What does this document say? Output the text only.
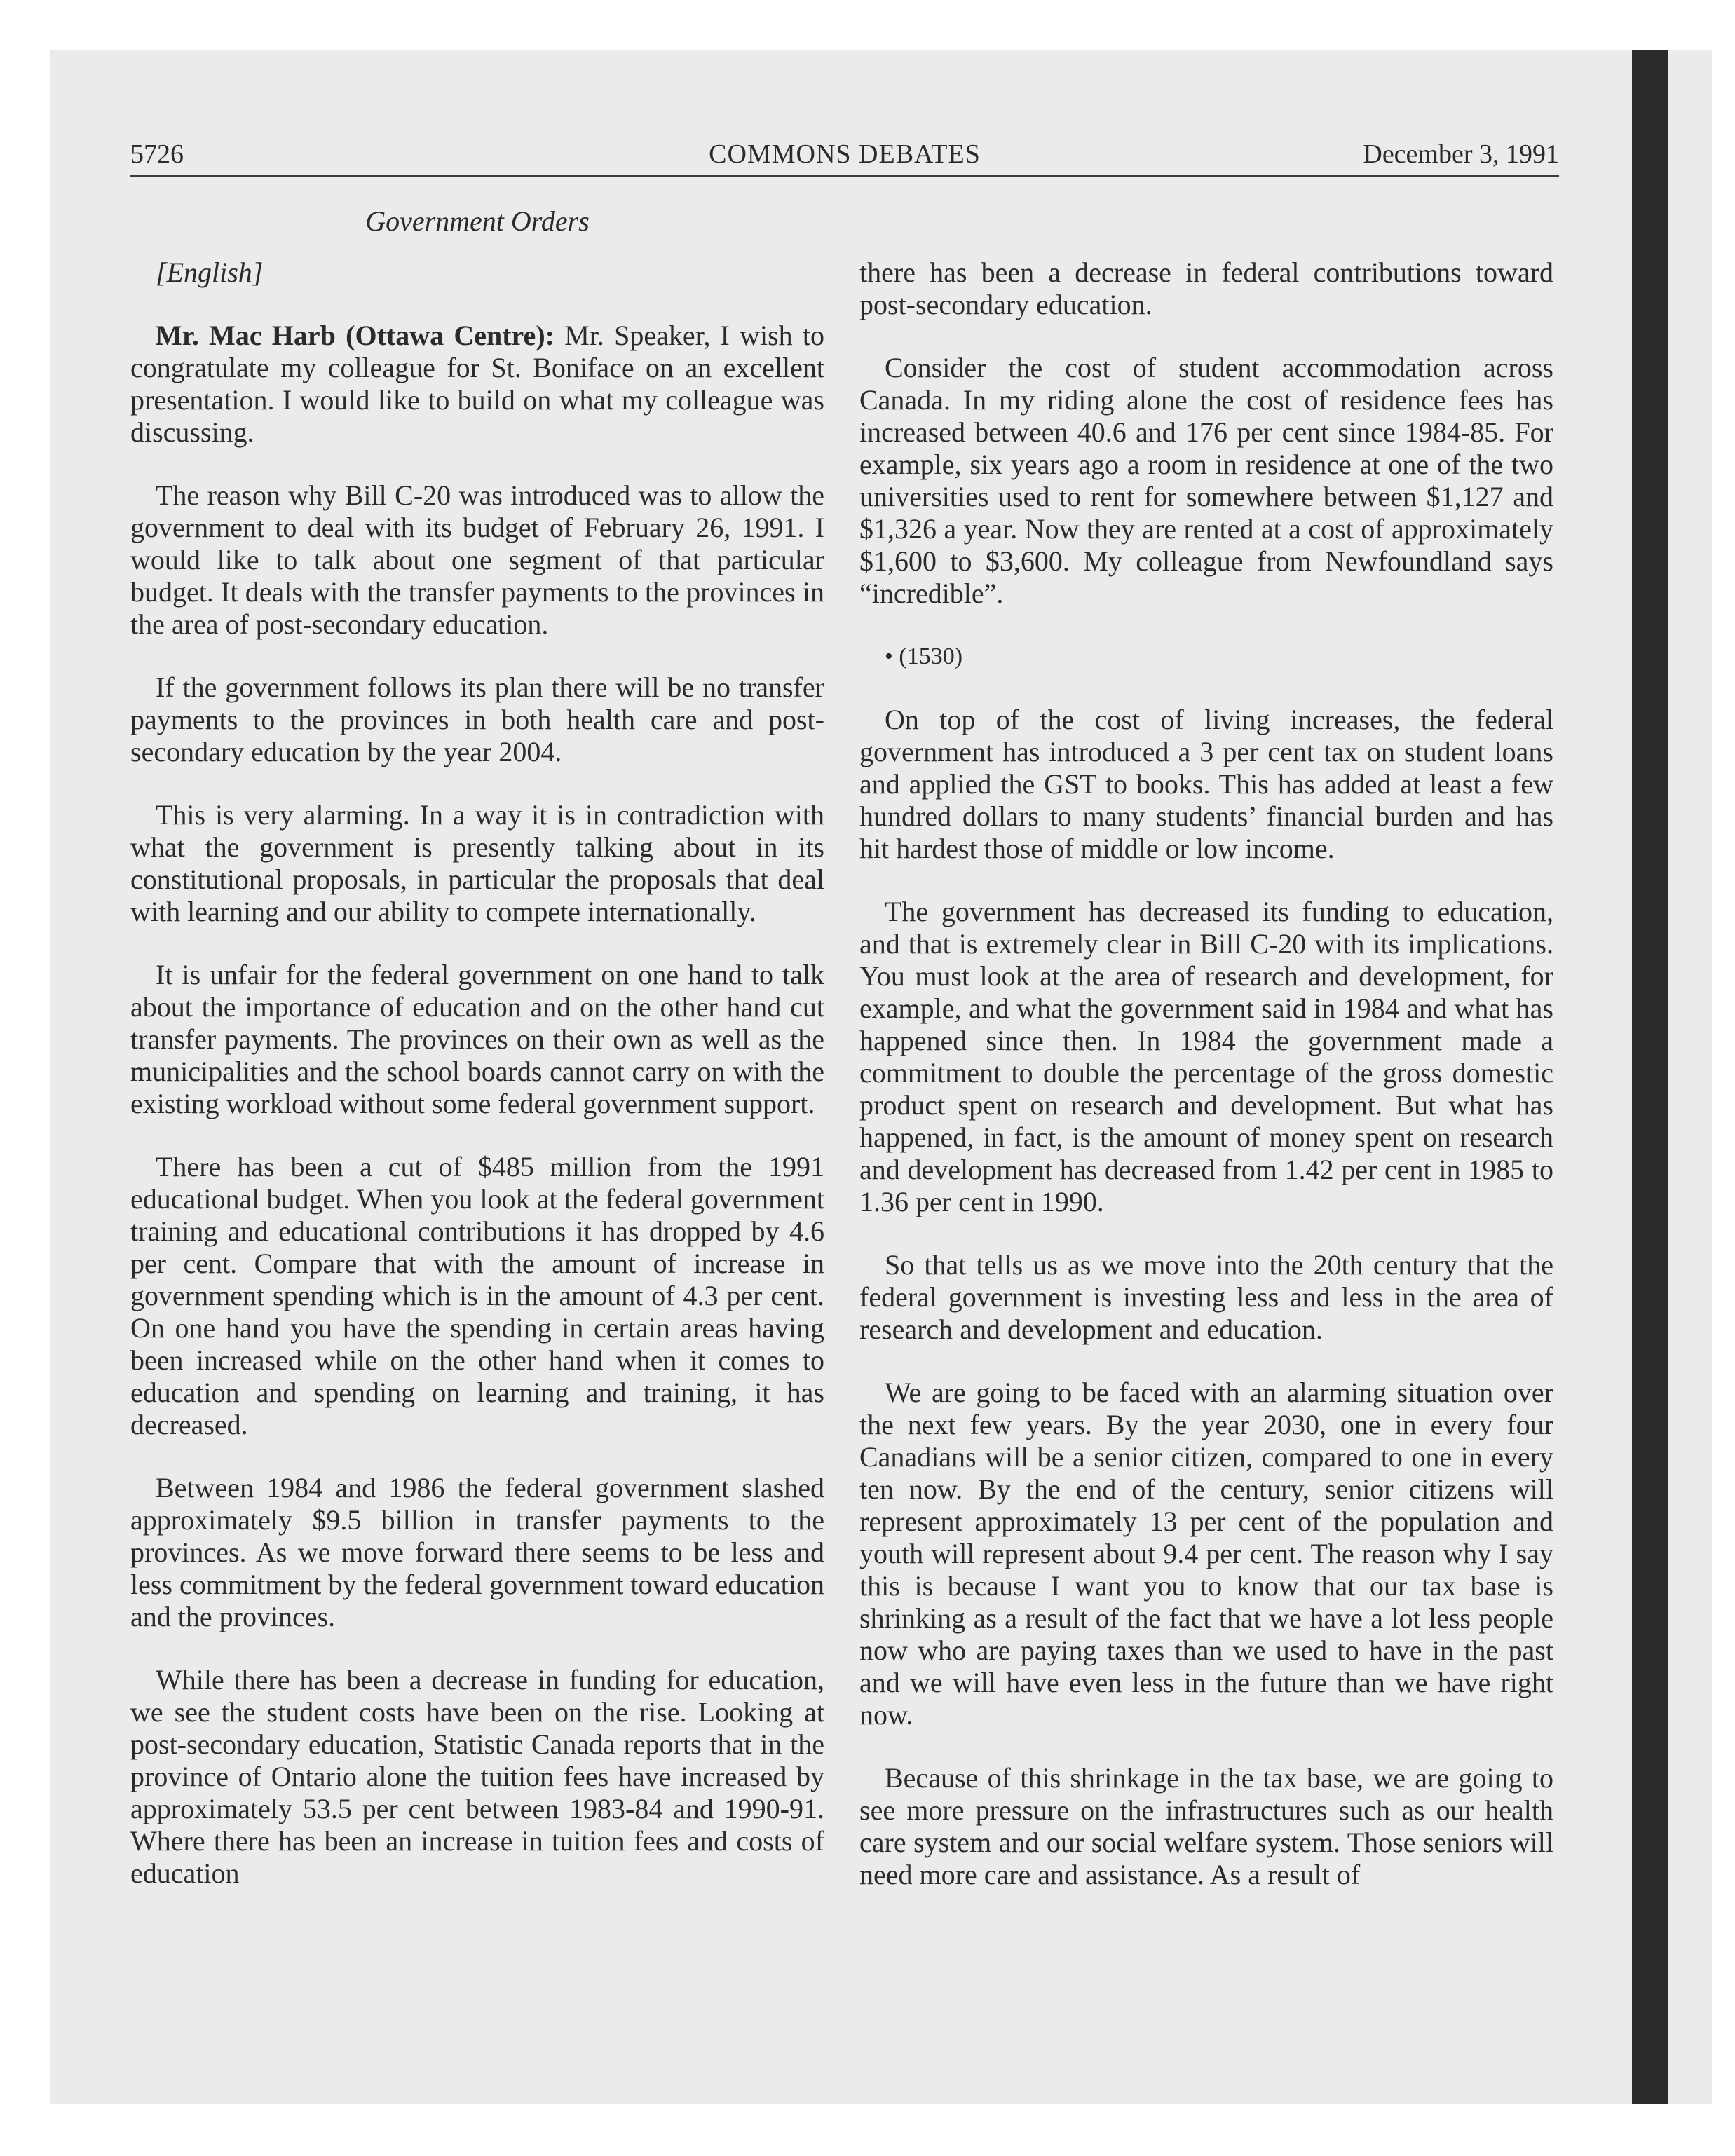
5726	COMMONS DEBATES	December 3, 1991
Government Orders

[English]

Mr. Mac Harb (Ottawa Centre): Mr. Speaker, I wish to congratulate my colleague for St. Boniface on an excellent presentation. I would like to build on what my colleague was discussing.

The reason why Bill C-20 was introduced was to allow the government to deal with its budget of February 26, 1991. I would like to talk about one segment of that particular budget. It deals with the transfer payments to the provinces in the area of post-secondary education.

If the government follows its plan there will be no transfer payments to the provinces in both health care and post-secondary education by the year 2004.

This is very alarming. In a way it is in contradiction with what the government is presently talking about in its constitutional proposals, in particular the proposals that deal with learning and our ability to compete internationally.

It is unfair for the federal government on one hand to talk about the importance of education and on the other hand cut transfer payments. The provinces on their own as well as the municipalities and the school boards cannot carry on with the existing workload without some federal government support.

There has been a cut of $485 million from the 1991 educational budget. When you look at the federal government training and educational contributions it has dropped by 4.6 per cent. Compare that with the amount of increase in government spending which is in the amount of 4.3 per cent. On one hand you have the spending in certain areas having been increased while on the other hand when it comes to education and spending on learning and training, it has decreased.

Between 1984 and 1986 the federal government slashed approximately $9.5 billion in transfer payments to the provinces. As we move forward there seems to be less and less commitment by the federal government toward education and the provinces.

While there has been a decrease in funding for education, we see the student costs have been on the rise. Looking at post-secondary education, Statistic Canada reports that in the province of Ontario alone the tuition fees have increased by approximately 53.5 per cent between 1983-84 and 1990-91. Where there has been an increase in tuition fees and costs of education

there has been a decrease in federal contributions toward post-secondary education.

Consider the cost of student accommodation across Canada. In my riding alone the cost of residence fees has increased between 40.6 and 176 per cent since 1984-85. For example, six years ago a room in residence at one of the two universities used to rent for somewhere between $1,127 and $1,326 a year. Now they are rented at a cost of approximately $1,600 to $3,600. My colleague from Newfoundland says “incredible”.

• (1530)

On top of the cost of living increases, the federal government has introduced a 3 per cent tax on student loans and applied the GST to books. This has added at least a few hundred dollars to many students’ financial burden and has hit hardest those of middle or low income.

The government has decreased its funding to education, and that is extremely clear in Bill C-20 with its implications. You must look at the area of research and development, for example, and what the government said in 1984 and what has happened since then. In 1984 the government made a commitment to double the percentage of the gross domestic product spent on research and development. But what has happened, in fact, is the amount of money spent on research and development has decreased from 1.42 per cent in 1985 to 1.36 per cent in 1990.

So that tells us as we move into the 20th century that the federal government is investing less and less in the area of research and development and education.

We are going to be faced with an alarming situation over the next few years. By the year 2030, one in every four Canadians will be a senior citizen, compared to one in every ten now. By the end of the century, senior citizens will represent approximately 13 per cent of the population and youth will represent about 9.4 per cent. The reason why I say this is because I want you to know that our tax base is shrinking as a result of the fact that we have a lot less people now who are paying taxes than we used to have in the past and we will have even less in the future than we have right now.

Because of this shrinkage in the tax base, we are going to see more pressure on the infrastructures such as our health care system and our social welfare system. Those seniors will need more care and assistance. As a result of
